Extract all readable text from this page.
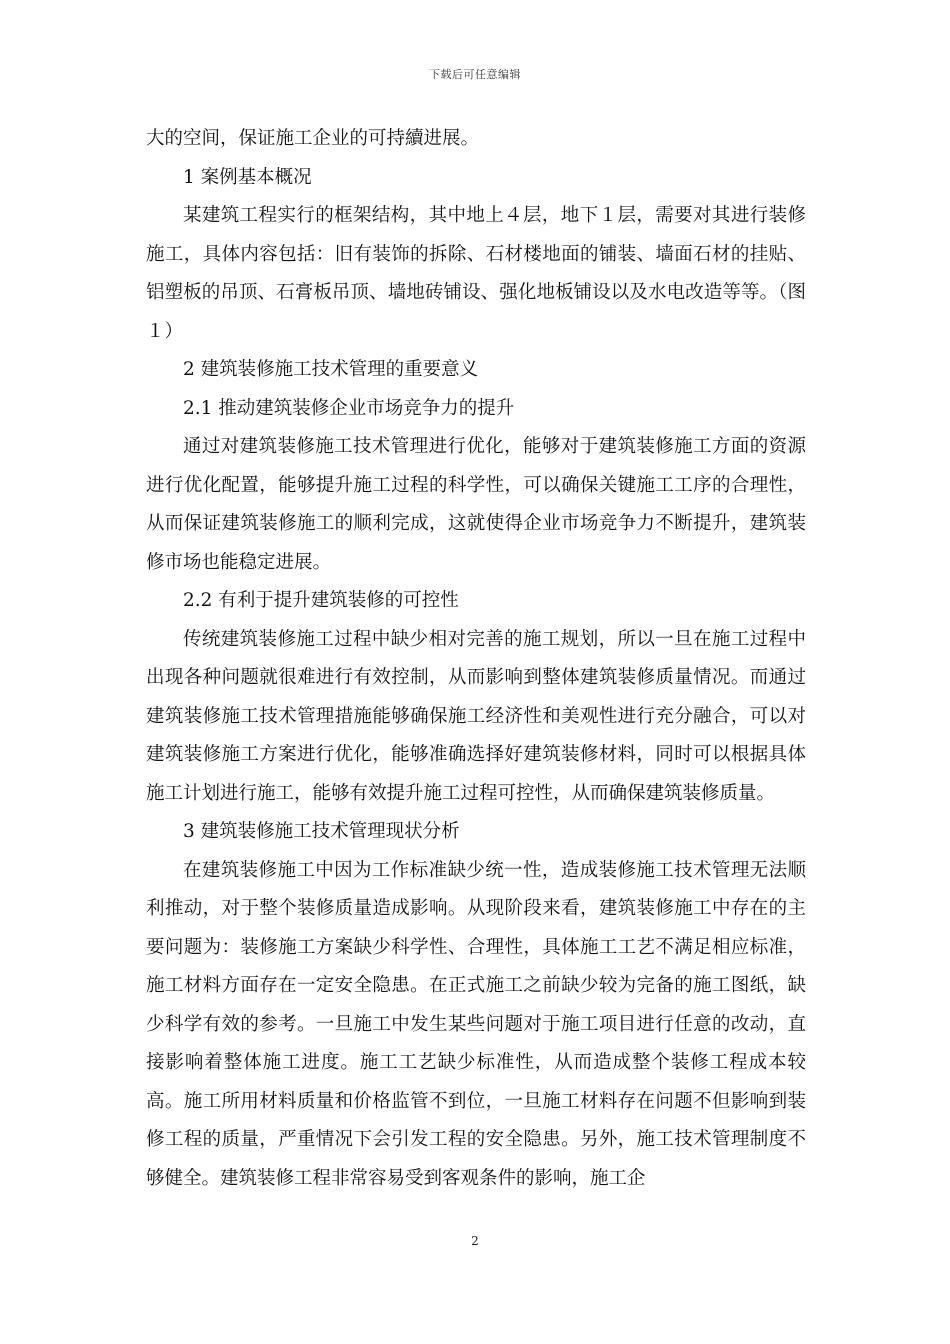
下载后可任意编辑

大的空间，保证施工企业的可持續进展。

1 案例基本概况

某建筑工程实行的框架结构，其中地上４层，地下１层，需要对其进行装修施工，具体内容包括：旧有装饰的拆除、石材楼地面的铺装、墙面石材的挂贴、铝塑板的吊顶、石膏板吊顶、墙地砖铺设、强化地板铺设以及水电改造等等。（图１）

2 建筑装修施工技术管理的重要意义

2.1 推动建筑装修企业市场竞争力的提升

通过对建筑装修施工技术管理进行优化，能够对于建筑装修施工方面的资源进行优化配置，能够提升施工过程的科学性，可以确保关键施工工序的合理性，从而保证建筑装修施工的顺利完成，这就使得企业市场竞争力不断提升，建筑装修市场也能稳定进展。

2.2 有利于提升建筑装修的可控性

传统建筑装修施工过程中缺少相对完善的施工规划，所以一旦在施工过程中出现各种问题就很难进行有效控制，从而影响到整体建筑装修质量情况。而通过建筑装修施工技术管理措施能够确保施工经济性和美观性进行充分融合，可以对建筑装修施工方案进行优化，能够准确选择好建筑装修材料，同时可以根据具体施工计划进行施工，能够有效提升施工过程可控性，从而确保建筑装修质量。

3 建筑装修施工技术管理现状分析

在建筑装修施工中因为工作标准缺少统一性，造成装修施工技术管理无法顺利推动，对于整个装修质量造成影响。从现阶段来看，建筑装修施工中存在的主要问题为：装修施工方案缺少科学性、合理性，具体施工工艺不满足相应标准，施工材料方面存在一定安全隐患。在正式施工之前缺少较为完备的施工图纸，缺少科学有效的参考。一旦施工中发生某些问题对于施工项目进行任意的改动，直接影响着整体施工进度。施工工艺缺少标准性，从而造成整个装修工程成本较高。施工所用材料质量和价格监管不到位，一旦施工材料存在问题不但影响到装修工程的质量，严重情况下会引发工程的安全隐患。另外，施工技术管理制度不够健全。建筑装修工程非常容易受到客观条件的影响，施工企

2
